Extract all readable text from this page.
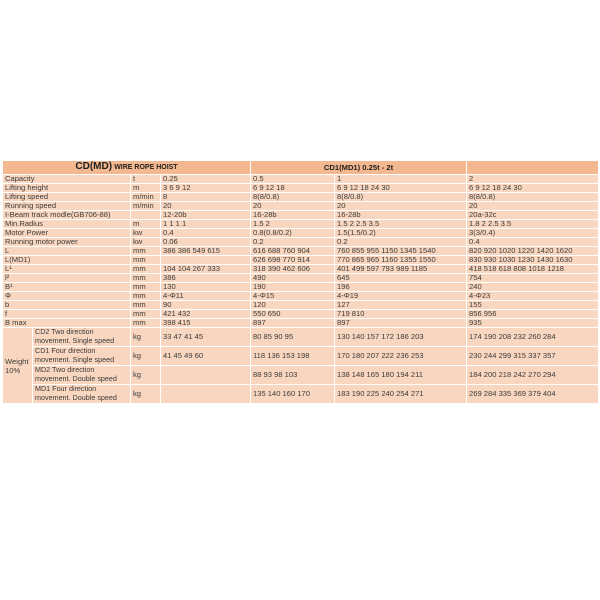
CD(MD) WIRE ROPE HOIST				CD1(MD1) 0.25t - 2t		
Capacity		t	0.25	0.5	1	2
Lifting height		m	3 6 9 12	6 9 12 18	6 9 12 18 24 30	6 9 12 18 24 30
Lifting speed		m/min	8	8(8/0.8)	8(8/0.8)	8(8/0.8)
Running speed		m/min	20	20	20	20
I-Beam track modle(GB706-88)			12-20b	16-28b	16-28b	20a-32c
Min.Radius		m	1 1 1 1	1.5 2	1.5 2 2.5 3.5	1.8 2 2.5 3.5
Motor Power		kw	0.4	0.8(0.8/0.2)	1.5(1.5/0.2)	3(3/0.4)
Running motor power		kw	0.06	0.2	0.2	0.4
L		mm	386 386 549 615	616 688 760 904	760 855 955 1150 1345 1540	820 920 1020 1220 1420 1620
L(MD1)		mm		626 698 770 914	770 865 965 1160 1355 1550	830 930 1030 1230 1430 1630
L¹		mm	104 104 267 333	318 390 462 606	401 499 597 793 989 1185	418 518 618 808 1018 1218
l²		mm	386	490	645	754
B¹		mm	130	190	196	240
Φ		mm	4-Φ11	4-Φ15	4-Φ19	4-Φ23
b		mm	90	120	127	155
f		mm	421 432	550 650	719 810	856 956
B max		mm	398 415	897	897	935

Weight
10%	CD2 Two direction movement. Single speed	kg	33 47 41 45	80 85 90 95	130 140 157 172 186 203	174 190 208 232 260 284
	CD1 Four direction movement. Single speed	kg	41 45 49 60	118 136 153 198	170 180 207 222 236 253	230 244 299 315 337 357
	MD2 Two direction movement. Double speed	kg		88 93 98 103	138 148 165 180 194 211	184 200 218 242 270 294
	MD1 Four direction movement. Double speed	kg		135 140 160 170	183 190 225 240 254 271	269 284 335 369 379 404
